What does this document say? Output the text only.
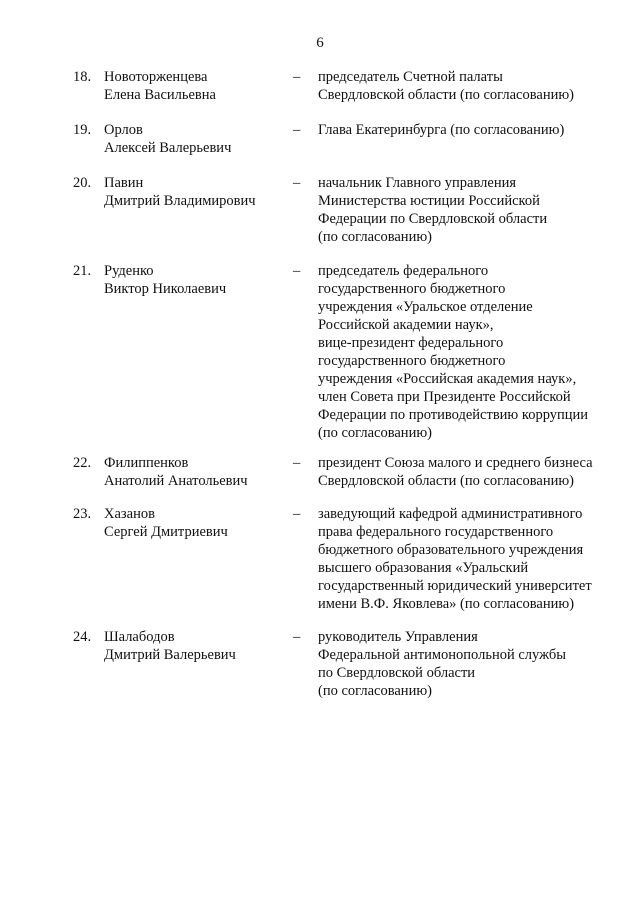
6
18. Новоторженцева
Елена Васильевна
– председатель Счетной палаты
Свердловской области (по согласованию)
19. Орлов
Алексей Валерьевич
– Глава Екатеринбурга (по согласованию)
20. Павин
Дмитрий Владимирович
– начальник Главного управления
Министерства юстиции Российской
Федерации по Свердловской области
(по согласованию)
21. Руденко
Виктор Николаевич
– председатель федерального
государственного бюджетного
учреждения «Уральское отделение
Российской академии наук»,
вице-президент федерального
государственного бюджетного
учреждения «Российская академия наук»,
член Совета при Президенте Российской
Федерации по противодействию коррупции
(по согласованию)
22. Филиппенков
Анатолий Анатольевич
– президент Союза малого и среднего бизнеса
Свердловской области (по согласованию)
23. Хазанов
Сергей Дмитриевич
– заведующий кафедрой административного
права федерального государственного
бюджетного образовательного учреждения
высшего образования «Уральский
государственный юридический университет
имени В.Ф. Яковлева» (по согласованию)
24. Шалабодов
Дмитрий Валерьевич
– руководитель Управления
Федеральной антимонопольной службы
по Свердловской области
(по согласованию)
